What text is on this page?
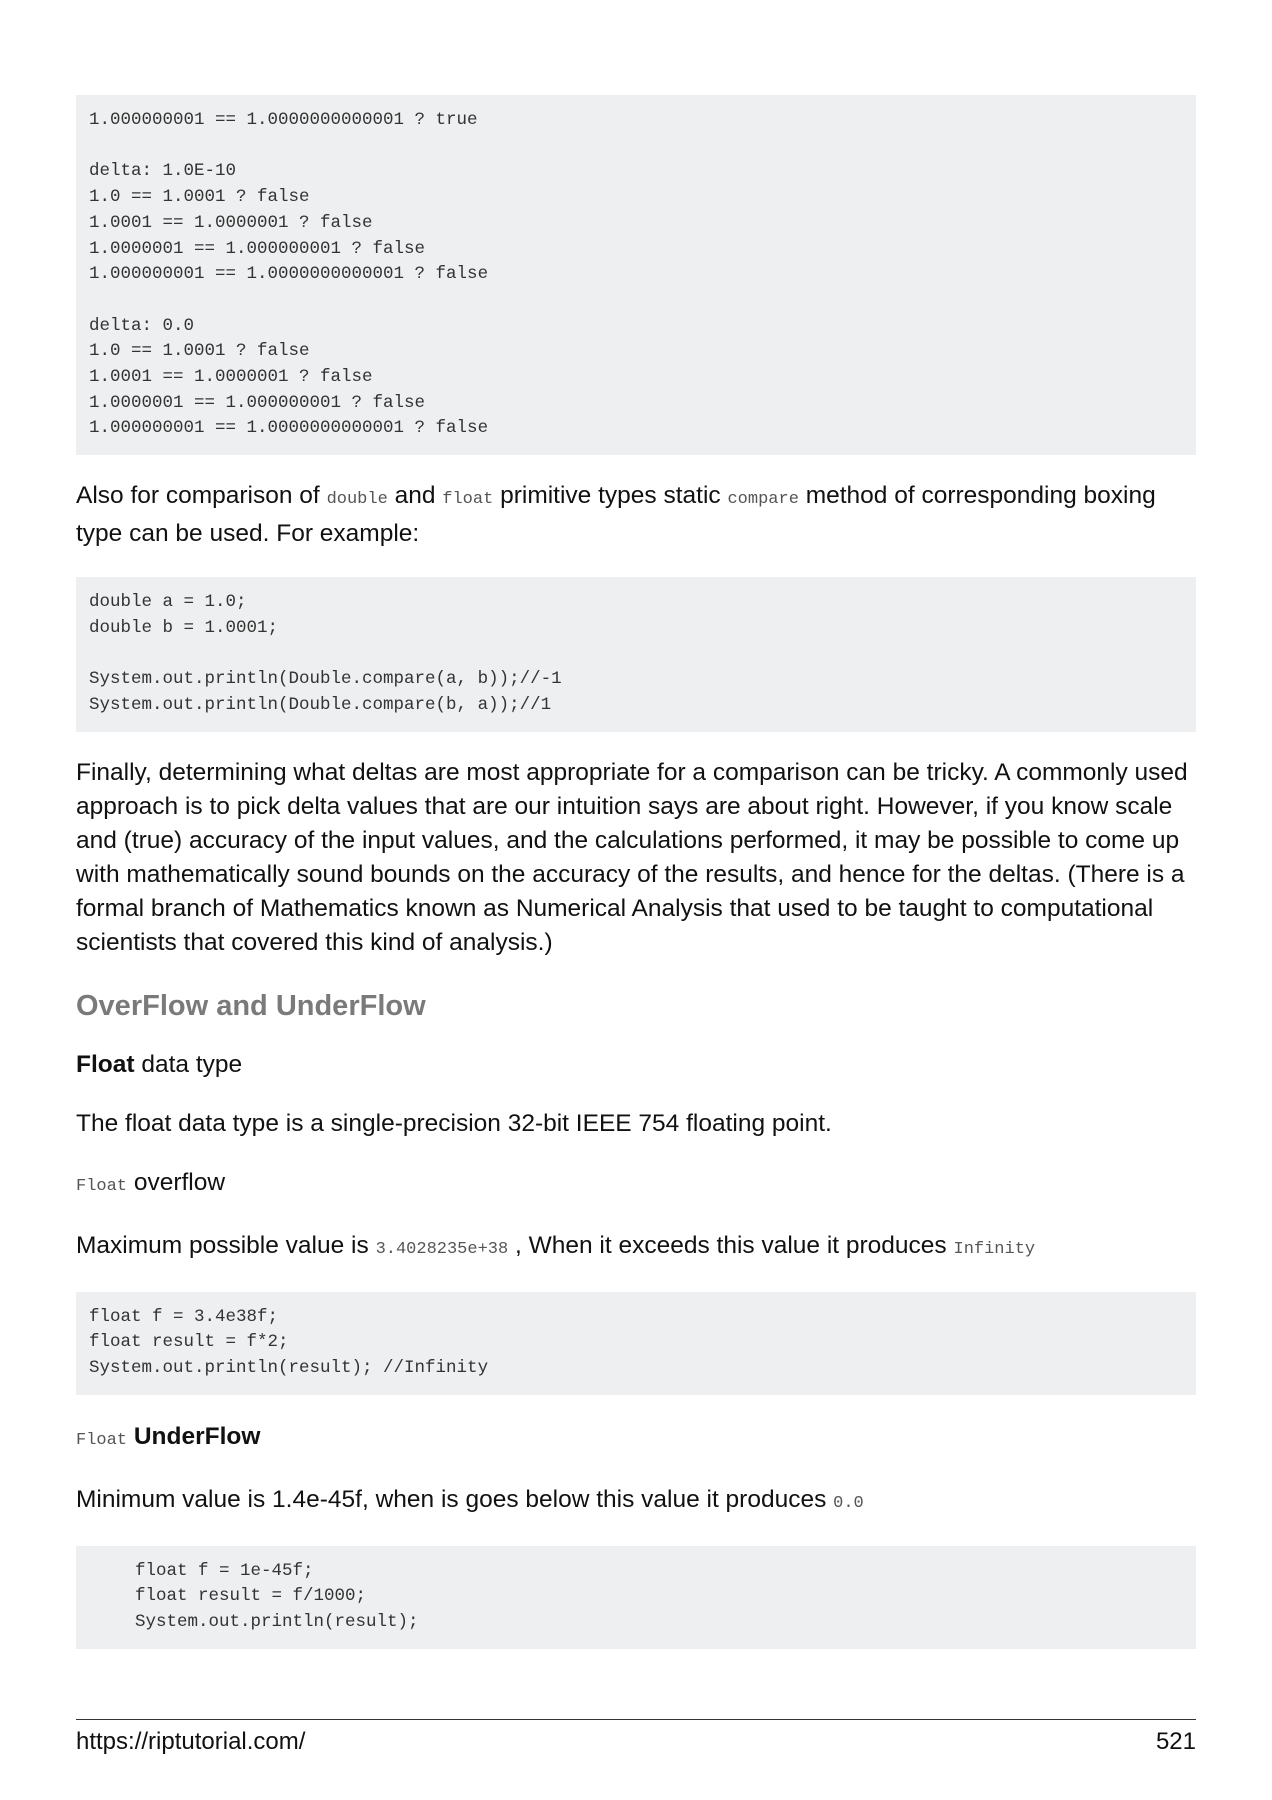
1.000000001 == 1.0000000000001 ? true
delta: 1.0E-10
1.0 == 1.0001 ? false
1.0001 == 1.0000001 ? false
1.0000001 == 1.000000001 ? false
1.000000001 == 1.0000000000001 ? false
delta: 0.0
1.0 == 1.0001 ? false
1.0001 == 1.0000001 ? false
1.0000001 == 1.000000001 ? false
1.000000001 == 1.0000000000001 ? false

Also for comparison of double and float primitive types static compare method of corresponding boxing type can be used. For example:

double a = 1.0;
double b = 1.0001;
System.out.println(Double.compare(a, b));//-1
System.out.println(Double.compare(b, a));//1

Finally, determining what deltas are most appropriate for a comparison can be tricky. A commonly used approach is to pick delta values that are our intuition says are about right. However, if you know scale and (true) accuracy of the input values, and the calculations performed, it may be possible to come up with mathematically sound bounds on the accuracy of the results, and hence for the deltas. (There is a formal branch of Mathematics known as Numerical Analysis that used to be taught to computational scientists that covered this kind of analysis.)

OverFlow and UnderFlow

Float data type

The float data type is a single-precision 32-bit IEEE 754 floating point.

Float overflow

Maximum possible value is 3.4028235e+38 , When it exceeds this value it produces Infinity

float f = 3.4e38f;
float result = f*2;
System.out.println(result); //Infinity

Float UnderFlow

Minimum value is 1.4e-45f, when is goes below this value it produces 0.0

float f = 1e-45f;
float result = f/1000;
System.out.println(result);
https://riptutorial.com/	521
